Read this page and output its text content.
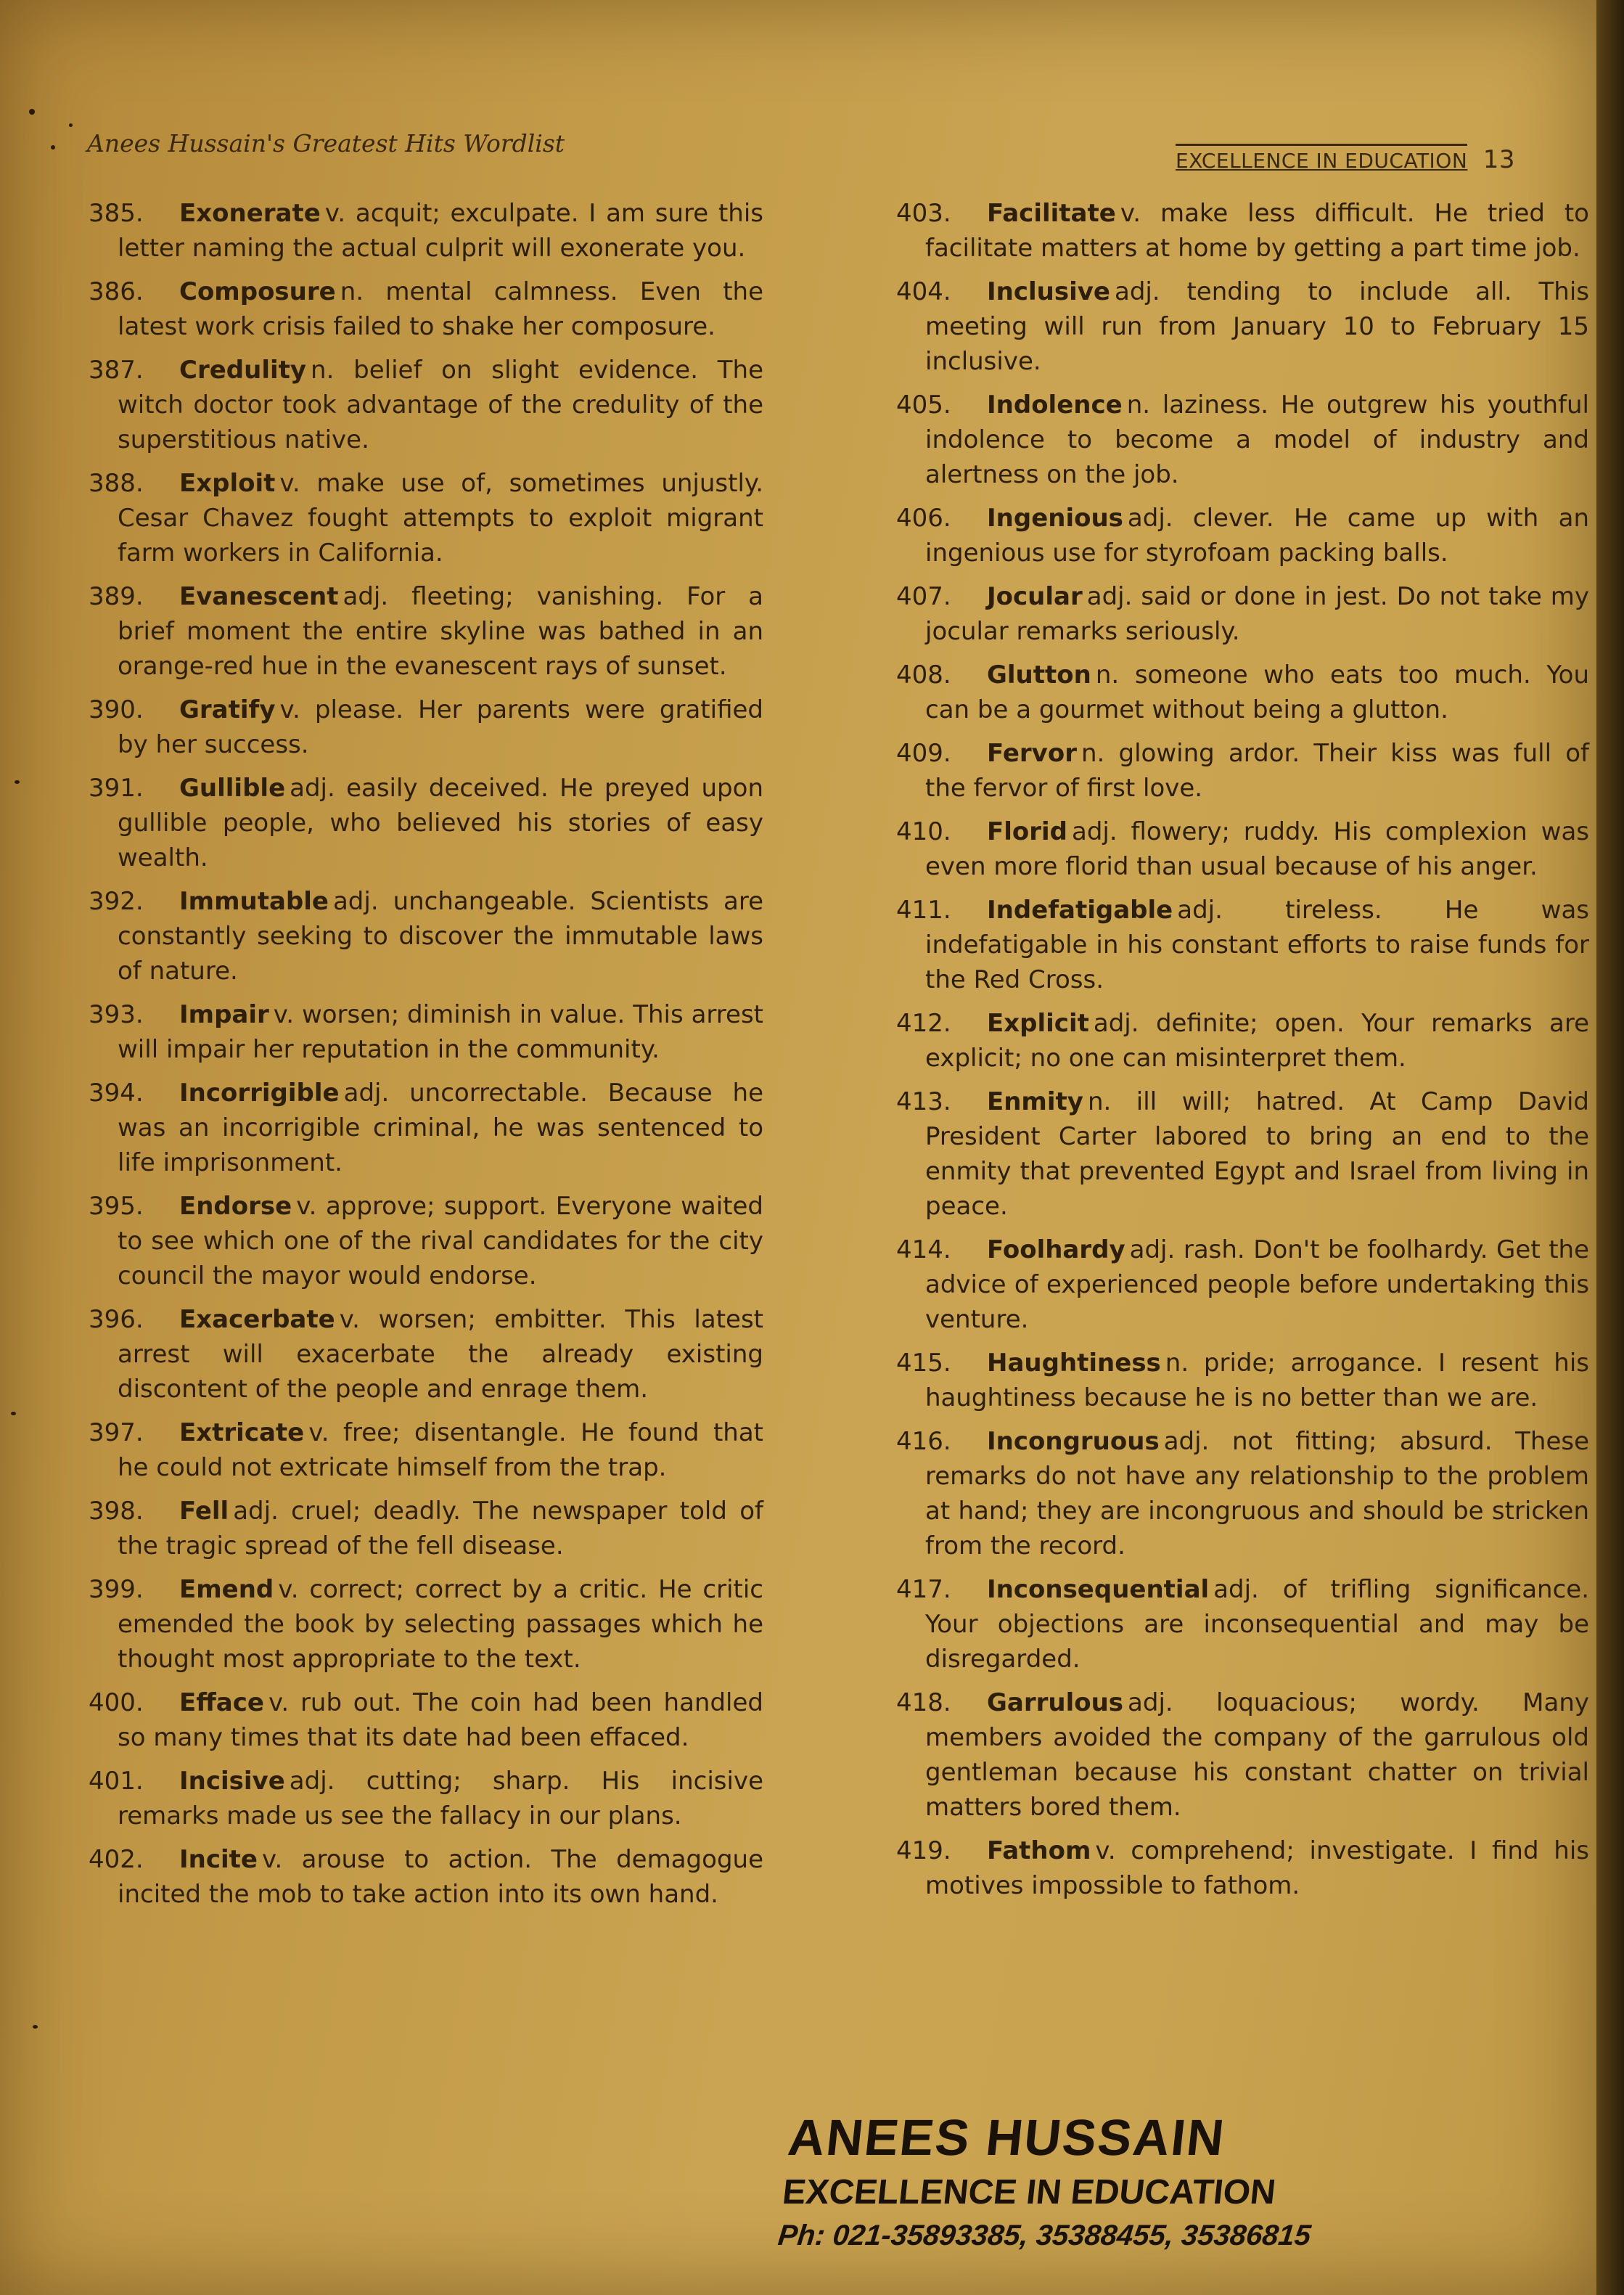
Anees Hussain's Greatest Hits Wordlist
EXCELLENCE IN EDUCATION 13
385. Exonerate v. acquit; exculpate. I am sure this letter naming the actual culprit will exonerate you.
386. Composure n. mental calmness. Even the latest work crisis failed to shake her composure.
387. Credulity n. belief on slight evidence. The witch doctor took advantage of the credulity of the superstitious native.
388. Exploit v. make use of, sometimes unjustly. Cesar Chavez fought attempts to exploit migrant farm workers in California.
389. Evanescent adj. fleeting; vanishing. For a brief moment the entire skyline was bathed in an orange-red hue in the evanescent rays of sunset.
390. Gratify v. please. Her parents were gratified by her success.
391. Gullible adj. easily deceived. He preyed upon gullible people, who believed his stories of easy wealth.
392. Immutable adj. unchangeable. Scientists are constantly seeking to discover the immutable laws of nature.
393. Impair v. worsen; diminish in value. This arrest will impair her reputation in the community.
394. Incorrigible adj. uncorrectable. Because he was an incorrigible criminal, he was sentenced to life imprisonment.
395. Endorse v. approve; support. Everyone waited to see which one of the rival candidates for the city council the mayor would endorse.
396. Exacerbate v. worsen; embitter. This latest arrest will exacerbate the already existing discontent of the people and enrage them.
397. Extricate v. free; disentangle. He found that he could not extricate himself from the trap.
398. Fell adj. cruel; deadly. The newspaper told of the tragic spread of the fell disease.
399. Emend v. correct; correct by a critic. He critic emended the book by selecting passages which he thought most appropriate to the text.
400. Efface v. rub out. The coin had been handled so many times that its date had been effaced.
401. Incisive adj. cutting; sharp. His incisive remarks made us see the fallacy in our plans.
402. Incite v. arouse to action. The demagogue incited the mob to take action into its own hand.
403. Facilitate v. make less difficult. He tried to facilitate matters at home by getting a part time job.
404. Inclusive adj. tending to include all. This meeting will run from January 10 to February 15 inclusive.
405. Indolence n. laziness. He outgrew his youthful indolence to become a model of industry and alertness on the job.
406. Ingenious adj. clever. He came up with an ingenious use for styrofoam packing balls.
407. Jocular adj. said or done in jest. Do not take my jocular remarks seriously.
408. Glutton n. someone who eats too much. You can be a gourmet without being a glutton.
409. Fervor n. glowing ardor. Their kiss was full of the fervor of first love.
410. Florid adj. flowery; ruddy. His complexion was even more florid than usual because of his anger.
411. Indefatigable adj. tireless. He was indefatigable in his constant efforts to raise funds for the Red Cross.
412. Explicit adj. definite; open. Your remarks are explicit; no one can misinterpret them.
413. Enmity n. ill will; hatred. At Camp David President Carter labored to bring an end to the enmity that prevented Egypt and Israel from living in peace.
414. Foolhardy adj. rash. Don't be foolhardy. Get the advice of experienced people before undertaking this venture.
415. Haughtiness n. pride; arrogance. I resent his haughtiness because he is no better than we are.
416. Incongruous adj. not fitting; absurd. These remarks do not have any relationship to the problem at hand; they are incongruous and should be stricken from the record.
417. Inconsequential adj. of trifling significance. Your objections are inconsequential and may be disregarded.
418. Garrulous adj. loquacious; wordy. Many members avoided the company of the garrulous old gentleman because his constant chatter on trivial matters bored them.
419. Fathom v. comprehend; investigate. I find his motives impossible to fathom.
ANEES HUSSAIN
EXCELLENCE IN EDUCATION
Ph: 021-35893385, 35388455, 35386815
